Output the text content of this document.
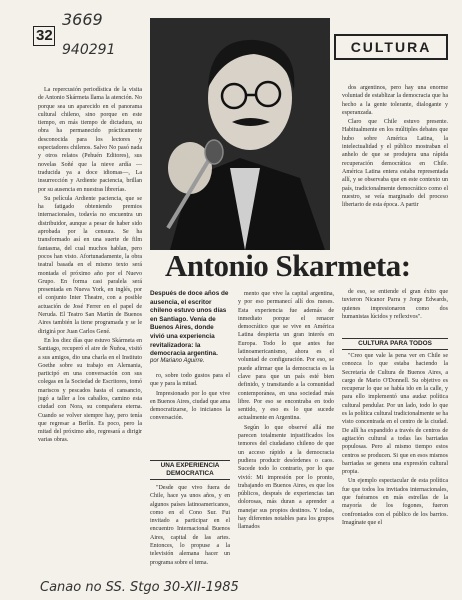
3669
940291
32
CULTURA
Antonio Skarmeta:

La repercusión periodística de la visita de Antonio Skármeta llama la atención. No porque sea un aparecido en el panorama cultural chileno, sino porque en este tiempo, en más tiempo de dictadura, su obra ha permanecido prácticamente desconocida para los lectores y espectadores chilenos. Salvo No pasó nada y otros relatos (Pehuén Editores), sus novelas Soñé que la nieve ardía —traducida ya a doce idiomas—, La insurrección y Ardiente paciencia, brillan por su ausencia en nuestras librerías.

Su película Ardiente paciencia, que se ha fatigado obteniendo premios internacionales, todavía no encuentra un distribuidor, aunque a pesar de haber sido aprobada por la censura. Se ha transformado así en una suerte de film fantasma, del cual muchos hablan, pero pocos han visto. Afortunadamente, la obra teatral basada en el mismo texto será montada el próximo año por el Nuevo Grupo. En forma casi paralela será presentada en Nueva York, en inglés, por el conjunto Inter Theatre, con a posible actuación de José Ferrer en el papel de Neruda. El Teatro San Martín de Buenos Aires también la tiene programada y se le dirigirá por Juan Carlos Gené.

En los diez días que estuvo Skármeta en Santiago, recuperó el aire de Ñuñoa, visitó a sus amigos, dio una charla en el Instituto Goethe sobre su trabajo en Alemania, participó en una conversación con sus colegas en la Sociedad de Escritores, tomó mariscos y pescados hasta el cansancio, jugó a taller a los caballos, camino esta ciudad con Nora, su compañera eterna. Cuando se volver siempre hay, pero tenía que regresar a Berlín. Es poco, pero la mitad del próximo año, regresará a dirigir varias obras.

Después de doce años de ausencia, el escritor chileno estuvo unos días en Santiago. Venía de Buenos Aires, donde vivió una experiencia revitalizadora: la democracia argentina.
por Mariano Aguirre.

ro, sobre todo gustos para el que y para la mitad.

Impresionado por lo que vive en Buenos Aires, ciudad que ama democratizarse, lo inicianos la conversación.

UNA EXPERIENCIA DEMOCRATICA

"Desde que vivo fuera de Chile, hace ya unos años, y en algunos países latinoamericanos, como en el Cono Sur. Fui invitado a participar en el encuentro Internacional Buenos Aires, capital de las artes. Entonces, lo propuse a la televisión alemana hacer un programa sobre el tema.

mento que vive la capital argentina, y por eso permanecí allí dos meses. Esta experiencia fue además de inmediato porque el renacer democrático que se vive en América Latina despierta un gran interés en Europa. Todo lo que antes fue latinoamericanismo, ahora es el voluntad de configuración. Por eso, se puede afirmar que la democracia es la clave para que un país esté bien definido, y transitando a la comunidad contemporánea, en una sociedad más libre. Por eso se encontraba en todo sentido, y eso es lo que sucede actualmente en Argentina.

Según lo que observé allá me parecen totalmente injustificados los temores del ciudadano chileno de que un acceso rápido a la democracia pudiera producir desórdenes o caos. Sucede todo lo contrario, por lo que vivió: Mi impresión por lo pronto, trabajando en Buenos Aires, es que los públicos, después de experiencias tan dolorosas, más duran a aprender a manejar sus propios destinos. Y todas, hay diferentes notables para los grupos llamados

dos argentinos, pero hay una enorme voluntad de establizar la democracia que ha hecho a la gente tolerante, dialogante y esperanzada.

Claro que Chile estuvo presente. Habitualmente en los múltiples debates que hubo sobre América Latina, la intelectualidad y el público mostraban el anhelo de que se produjera una rápida recuperación democrática en Chile. América Latina entera estaba representada allí, y se observaba que en este contexto un país, tradicionalmente democrático como el nuestro, se veía marginado del proceso libertario de esta época. A partir

de eso, se entiende el gran éxito que tuvieron Nicanor Parra y Jorge Edwards, quienes impresionaron como dos humanistas lúcidos y reflexivos".

CULTURA PARA TODOS

"Creo que vale la pena ver en Chile se conozca lo que estaba haciendo la Secretaría de Cultura de Buenos Aires, a cargo de Mario O'Donnell. Su objetivo es recuperar lo que se había ido en la calle, y para ello implementó una audaz política cultural pendular. Por un lado, todo lo que es la política cultural tradicionalmente se ha visto concentrada en el centro de la ciudad. De allí ha expandido a través de centros de agitación cultural a todas las barriadas populosas. Pero al mismo tiempo estos centros se producen. Si que en esos mismos barriadas se genera una expresión cultural propia.

Un ejemplo espectacular de esta política fue que todos los invitados internacionales, que fuéramos en más estrellas de la mayoría de los fogones, fueron confrontados con el público de los barrios. Imagínate que el

Canao no SS. Stgo 30-XII-1985
